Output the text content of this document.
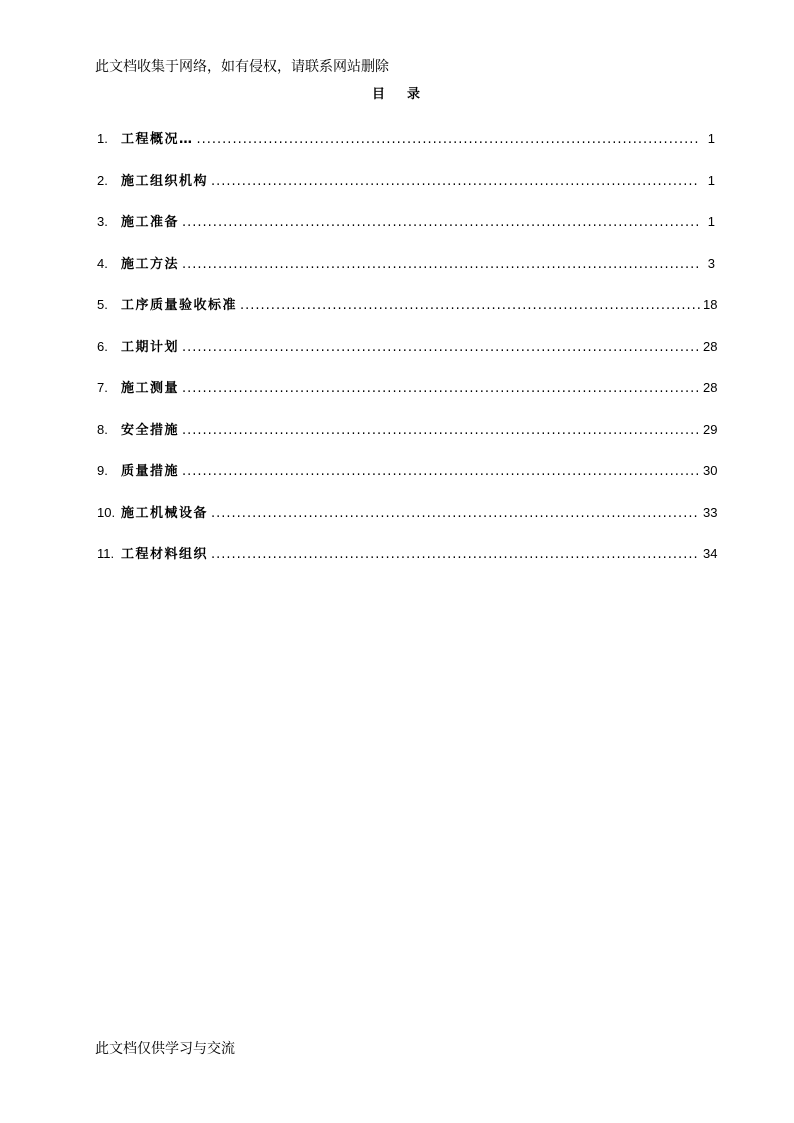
此文档收集于网络，如有侵权，请联系网站删除
目 录
1.	工程概况… .....	1
2.	施工组织机构 .....	1
3.	施工准备 .....	1
4.	施工方法 .....	3
5.	工序质量验收标准 .....	18
6.	工期计划 .....	28
7.	施工测量 .....	28
8.	安全措施 .....	29
9.	质量措施 .....	30
10. 施工机械设备 .....	33
11. 工程材料组织 .....	34
此文档仅供学习与交流
